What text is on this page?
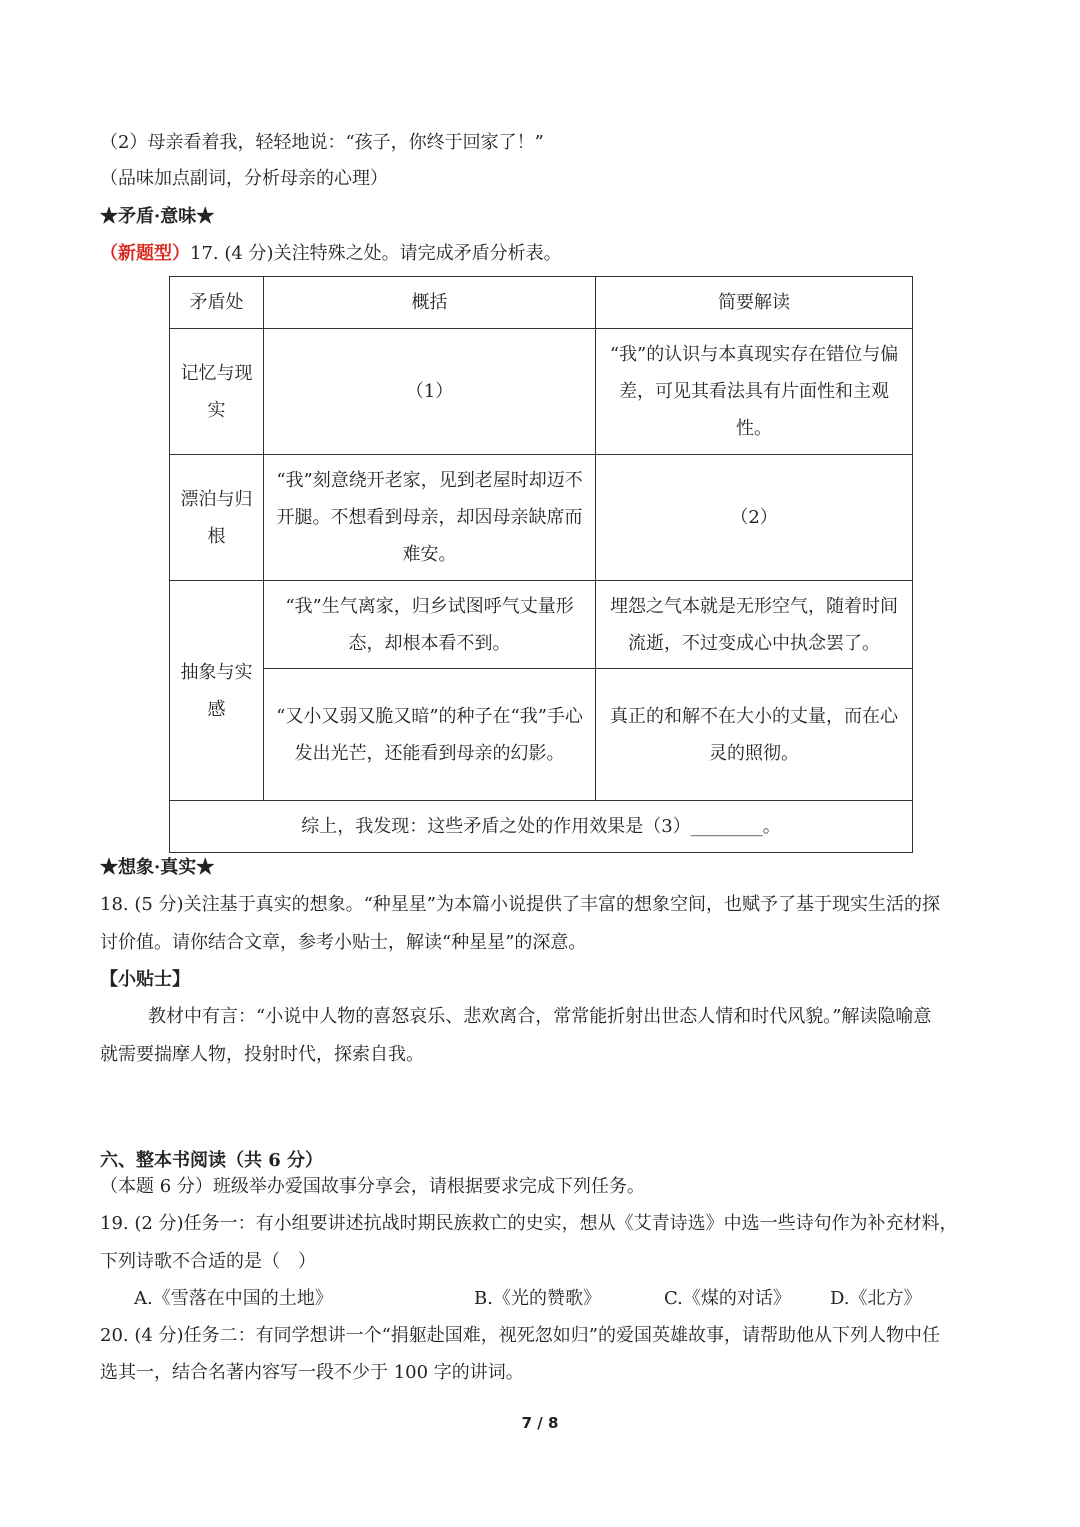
（2）母亲看着我，轻轻地说：“孩子，你终于回家了！”
（品味加点副词，分析母亲的心理）
★矛盾·意味★
（新题型）17. (4 分)关注特殊之处。请完成矛盾分析表。
矛盾处	概括	简要解读
记忆与现实	（1）	“我”的认识与本真现实存在错位与偏差，可见其看法具有片面性和主观性。
漂泊与归根	“我”刻意绕开老家，见到老屋时却迈不开腿。不想看到母亲，却因母亲缺席而难安。	（2）
抽象与实感	“我”生气离家，归乡试图呼气丈量形态，却根本看不到。	埋怨之气本就是无形空气，随着时间流逝，不过变成心中执念罢了。
	“又小又弱又脆又暗”的种子在“我”手心发出光芒，还能看到母亲的幻影。	真正的和解不在大小的丈量，而在心灵的照彻。
综上，我发现：这些矛盾之处的作用效果是（3）________。		
★想象·真实★
18. (5 分)关注基于真实的想象。“种星星”为本篇小说提供了丰富的想象空间，也赋予了基于现实生活的探
讨价值。请你结合文章，参考小贴士，解读“种星星”的深意。
【小贴士】
教材中有言：“小说中人物的喜怒哀乐、悲欢离合，常常能折射出世态人情和时代风貌。”解读隐喻意
就需要揣摩人物，投射时代，探索自我。
六、整本书阅读（共 6 分）
（本题 6 分）班级举办爱国故事分享会，请根据要求完成下列任务。
19. (2 分)任务一：有小组要讲述抗战时期民族救亡的史实，想从《艾青诗选》中选一些诗句作为补充材料，
下列诗歌不合适的是（　）
A.《雪落在中国的土地》	B.《光的赞歌》	C.《煤的对话》 D.《北方》
20. (4 分)任务二：有同学想讲一个“捐躯赴国难，视死忽如归”的爱国英雄故事，请帮助他从下列人物中任
选其一，结合名著内容写一段不少于 100 字的讲词。
7 / 8
